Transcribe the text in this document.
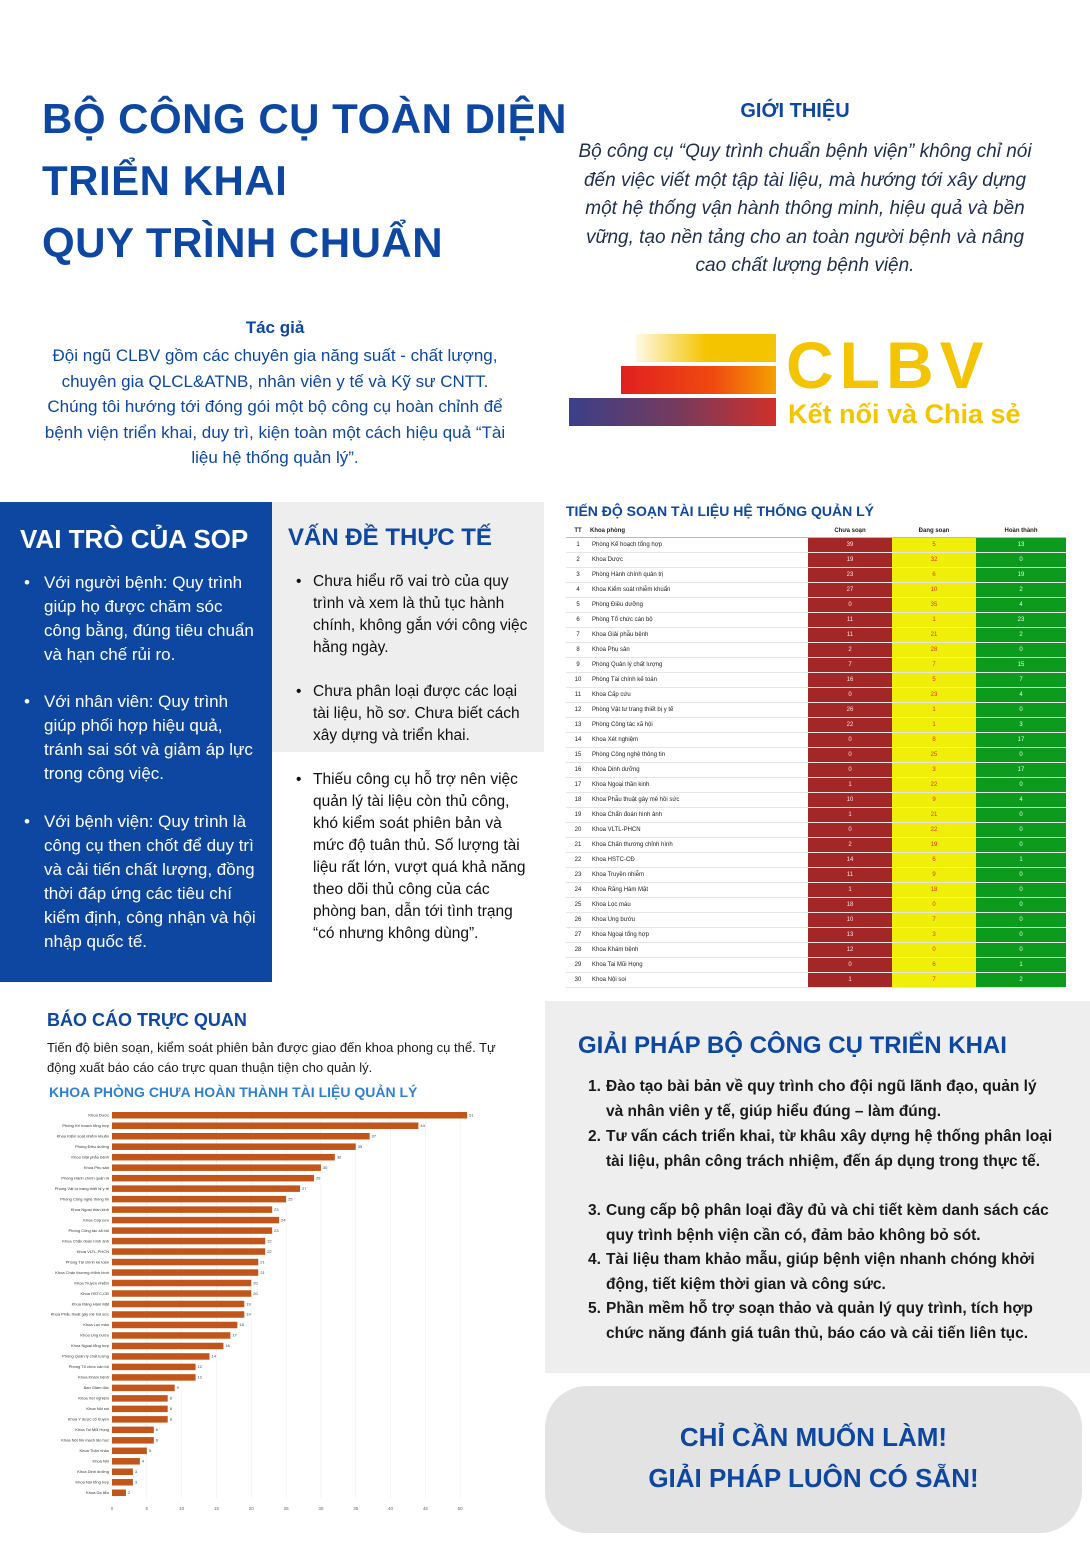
BỘ CÔNG CỤ TOÀN DIỆN
TRIỂN KHAI
QUY TRÌNH CHUẨN
GIỚI THIỆU
Bộ công cụ “Quy trình chuẩn bệnh viện” không chỉ nói đến việc viết một tập tài liệu, mà hướng tới xây dựng một hệ thống vận hành thông minh, hiệu quả và bền vững, tạo nền tảng cho an toàn người bệnh và nâng cao chất lượng bệnh viện.
Tác giả
Đội ngũ CLBV gồm các chuyên gia năng suất - chất lượng, chuyên gia QLCL&ATNB, nhân viên y tế và Kỹ sư CNTT. Chúng tôi hướng tới đóng gói một bộ công cụ hoàn chỉnh để bệnh viện triển khai, duy trì, kiện toàn một cách hiệu quả “Tài liệu hệ thống quản lý”.
CLBV
Kết nối và Chia sẻ
VAI TRÒ CỦA SOP
• Với người bệnh: Quy trình giúp họ được chăm sóc công bằng, đúng tiêu chuẩn và hạn chế rủi ro.
• Với nhân viên: Quy trình giúp phối hợp hiệu quả, tránh sai sót và giảm áp lực trong công việc.
• Với bệnh viện: Quy trình là công cụ then chốt để duy trì và cải tiến chất lượng, đồng thời đáp ứng các tiêu chí kiểm định, công nhận và hội nhập quốc tế.
VẤN ĐỀ THỰC TẾ
• Chưa hiểu rõ vai trò của quy trình và xem là thủ tục hành chính, không gắn với công việc hằng ngày.
• Chưa phân loại được các loại tài liệu, hồ sơ. Chưa biết cách xây dựng và triển khai.
• Thiếu công cụ hỗ trợ nên việc quản lý tài liệu còn thủ công, khó kiểm soát phiên bản và mức độ tuân thủ. Số lượng tài liệu rất lớn, vượt quá khả năng theo dõi thủ công của các phòng ban, dẫn tới tình trạng “có nhưng không dùng”.
TIẾN ĐỘ SOẠN TÀI LIỆU HỆ THỐNG QUẢN LÝ
TT	Khoa phòng	Chưa soạn	Đang soạn	Hoàn thành
1	Phòng Kế hoạch tổng hợp	39	5	13
2	Khoa Dược	19	32	0
3	Phòng Hành chính quản trị	23	6	19
4	Khoa Kiểm soát nhiễm khuẩn	27	10	2
5	Phòng Điều dưỡng	0	35	4
6	Phòng Tổ chức cán bộ	11	1	23
7	Khoa Giải phẫu bệnh	11	21	2
8	Khoa Phụ sản	2	28	0
9	Phòng Quản lý chất lượng	7	7	15
10	Phòng Tài chính kế toán	16	5	7
11	Khoa Cấp cứu	0	23	4
12	Phòng Vật tư trang thiết bị y tế	26	1	0
13	Phòng Công tác xã hội	22	1	3
14	Khoa Xét nghiệm	0	8	17
15	Phòng Công nghệ thông tin	0	25	0
16	Khoa Dinh dưỡng	0	3	17
17	Khoa Ngoại thần kinh	1	22	0
18	Khoa Phẫu thuật gây mê hồi sức	10	9	4
19	Khoa Chẩn đoán hình ảnh	1	21	0
20	Khoa VLTL-PHCN	0	22	0
21	Khoa Chấn thương chỉnh hình	2	19	0
22	Khoa HSTC-CĐ	14	6	1
23	Khoa Truyền nhiễm	11	9	0
24	Khoa Răng Hàm Mặt	1	18	0
25	Khoa Lọc máu	18	0	0
26	Khoa Ung bướu	10	7	0
27	Khoa Ngoại tổng hợp	13	3	0
28	Khoa Khám bệnh	12	0	0
29	Khoa Tai Mũi Họng	0	6	1
30	Khoa Nội soi	1	7	2
BÁO CÁO TRỰC QUAN
Tiến độ biên soạn, kiểm soát phiên bản được giao đến khoa phong cụ thể. Tự động xuất báo cáo cáo trực quan thuận tiện cho quản lý.
KHOA PHÒNG CHƯA HOÀN THÀNH TÀI LIỆU QUẢN LÝ
0	5	10	15	20	25	30	35	40	45	50
Khoa Dược	51
Phòng Kế hoạch tổng hợp	44
Khoa Kiểm soát nhiễm khuẩn	37
Phòng Điều dưỡng	35
Khoa Giải phẫu bệnh	32
Khoa Phụ sản	30
Phòng Hành chính quản trị	29
Phòng Vật tư trang thiết bị y tế	27
Phòng Công nghệ thông tin	25
Khoa Ngoại thần kinh	23
Khoa Cấp cứu	24
Phòng Công tác xã hội	23
Khoa Chẩn đoán hình ảnh	22
Khoa VLTL-PHCN	22
Phòng Tài chính kế toán	21
Khoa Chấn thương chỉnh hình	21
Khoa Truyền nhiễm	20
Khoa HSTC-CĐ	20
Khoa Răng Hàm Mặt	19
Khoa Phẫu thuật gây mê hồi sức	19
Khoa Lọc máu	18
Khoa Ung bướu	17
Khoa Ngoại tổng hợp	16
Phòng Quản lý chất lượng	14
Phòng Tổ chức cán bộ	12
Khoa Khám bệnh	12
Ban Giám đốc	9
Khoa Xét nghiệm	8
Khoa Nội soi	8
Khoa Y dược cổ truyền	8
Khoa Tai Mũi Họng	6
Khoa Nội tim mạch lão học	6
Khoa Thận nhân	5
Khoa Nhi	4
Khoa Dinh dưỡng	3
Khoa Nội tổng hợp	3
Khoa Da liễu	2
GIẢI PHÁP BỘ CÔNG CỤ TRIỂN KHAI
1. Đào tạo bài bản về quy trình cho đội ngũ lãnh đạo, quản lý và nhân viên y tế, giúp hiểu đúng – làm đúng.
2. Tư vấn cách triển khai, từ khâu xây dựng hệ thống phân loại tài liệu, phân công trách nhiệm, đến áp dụng trong thực tế.
3. Cung cấp bộ phân loại đầy đủ và chi tiết kèm danh sách các quy trình bệnh viện cần có, đảm bảo không bỏ sót.
4. Tài liệu tham khảo mẫu, giúp bệnh viện nhanh chóng khởi động, tiết kiệm thời gian và công sức.
5. Phần mềm hỗ trợ soạn thảo và quản lý quy trình, tích hợp chức năng đánh giá tuân thủ, báo cáo và cải tiến liên tục.
CHỈ CẦN MUỐN LÀM!
GIẢI PHÁP LUÔN CÓ SẴN!
